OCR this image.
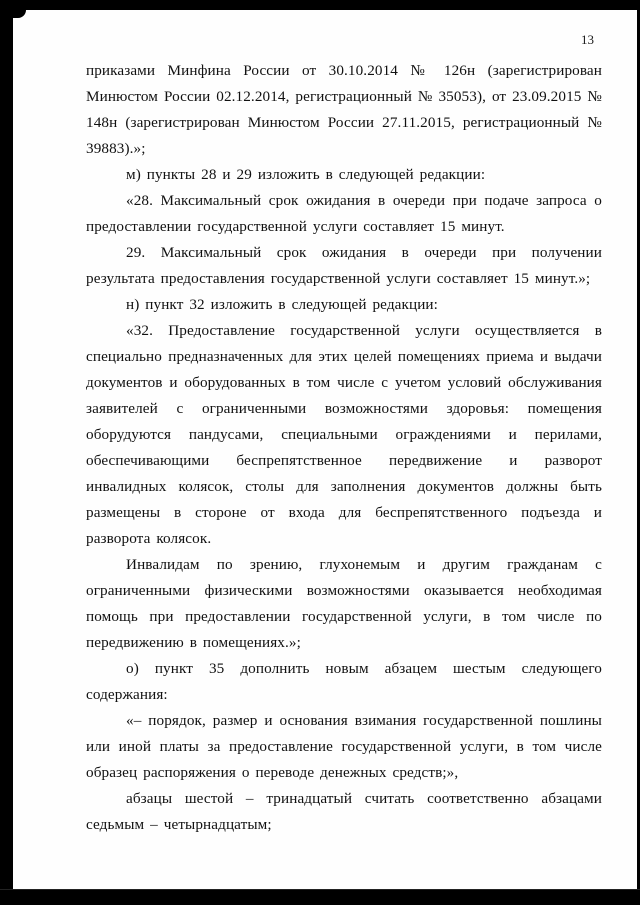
13

приказами Минфина России от 30.10.2014 № 126н (зарегистрирован Минюстом России 02.12.2014, регистрационный № 35053), от 23.09.2015 № 148н (зарегистрирован Минюстом России 27.11.2015, регистрационный № 39883).»;

м) пункты 28 и 29 изложить в следующей редакции:

«28. Максимальный срок ожидания в очереди при подаче запроса о предоставлении государственной услуги составляет 15 минут.

29. Максимальный срок ожидания в очереди при получении результата предоставления государственной услуги составляет 15 минут.»;

н) пункт 32 изложить в следующей редакции:

«32. Предоставление государственной услуги осуществляется в специально предназначенных для этих целей помещениях приема и выдачи документов и оборудованных в том числе с учетом условий обслуживания заявителей с ограниченными возможностями здоровья: помещения оборудуются пандусами, специальными ограждениями и перилами, обеспечивающими беспрепятственное передвижение и разворот инвалидных колясок, столы для заполнения документов должны быть размещены в стороне от входа для беспрепятственного подъезда и разворота колясок.

Инвалидам по зрению, глухонемым и другим гражданам с ограниченными физическими возможностями оказывается необходимая помощь при предоставлении государственной услуги, в том числе по передвижению в помещениях.»;

о) пункт 35 дополнить новым абзацем шестым следующего содержания:

«– порядок, размер и основания взимания государственной пошлины или иной платы за предоставление государственной услуги, в том числе образец распоряжения о переводе денежных средств;»,

абзацы шестой – тринадцатый считать соответственно абзацами седьмым – четырнадцатым;
